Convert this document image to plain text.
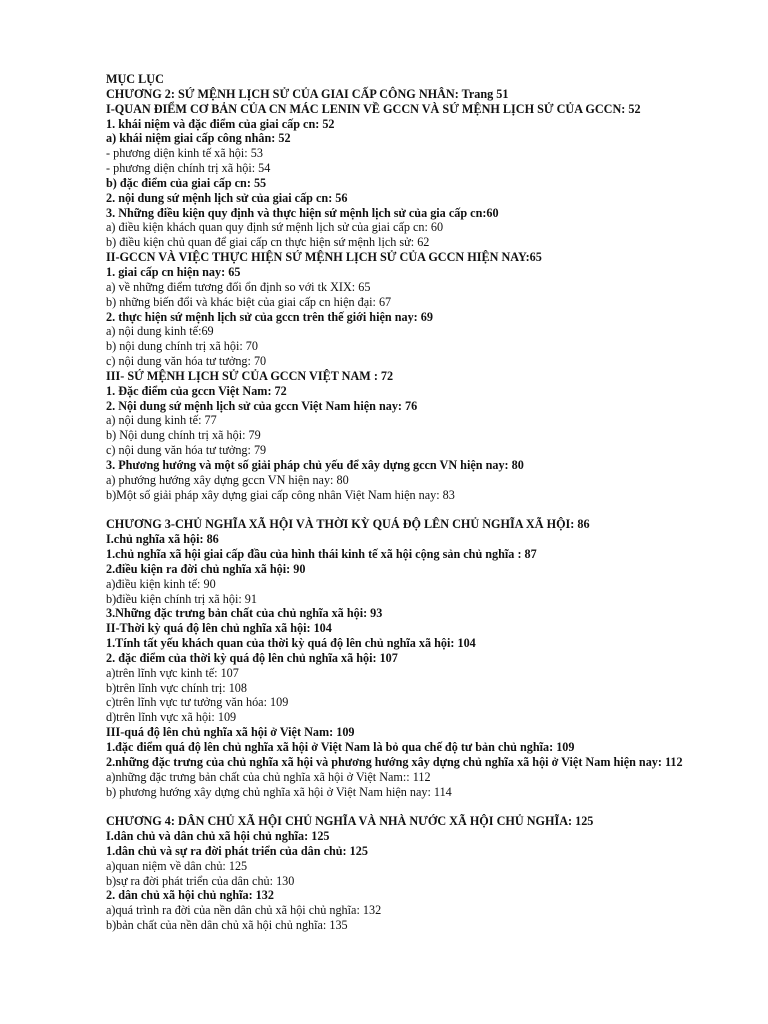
MỤC LỤC
CHƯƠNG 2: SỨ MỆNH LỊCH SỬ CỦA GIAI CẤP CÔNG NHÂN: Trang 51
I-QUAN ĐIỂM CƠ BẢN CỦA CN MÁC LENIN VỀ GCCN VÀ SỨ MỆNH LỊCH SỬ CỦA GCCN: 52
1. khái niệm và đặc điểm của giai cấp cn: 52
a) khái niệm giai cấp công nhân: 52
- phương diện kinh tế xã hội: 53
- phương diện chính trị xã hội: 54
b) đặc điểm của giai cấp cn: 55
2. nội dung sứ mệnh lịch sử của giai cấp cn: 56
3. Những điều kiện quy định và thực hiện sứ mệnh lịch sử của gia cấp cn:60
a) điều kiện khách quan quy định sứ mệnh lịch sử của giai cấp cn: 60
b) điều kiện chủ quan để giai cấp cn thực hiện sứ mệnh lịch sử: 62
II-GCCN VÀ VIỆC THỰC HIỆN SỨ MỆNH LỊCH SỬ CỦA GCCN HIỆN NAY:65
1. giai cấp cn hiện nay: 65
a) về những điểm tương đối ổn định so với tk XIX: 65
b) những biến đổi và khác biệt của giai cấp cn hiện đại: 67
2. thực hiện sứ mệnh lịch sử của gccn trên thế giới hiện nay: 69
a) nội dung kinh tế:69
b) nội dung chính trị xã hội: 70
c) nội dung văn hóa tư tưởng: 70
III- SỨ MỆNH LỊCH SỬ CỦA GCCN VIỆT NAM : 72
1. Đặc điểm của gccn Việt Nam: 72
2. Nội dung sứ mệnh lịch sử của gccn Việt Nam hiện nay: 76
a) nội dung kinh tế: 77
b) Nội dung chính trị xã hội: 79
c) nội dung văn hóa tư tưởng: 79
3. Phương hướng và một số giải pháp chủ yếu để xây dựng gccn VN hiện nay: 80
a) phướng hướng xây dựng gccn VN hiện nay: 80
b)Một số giải pháp xây dựng giai cấp công nhân Việt Nam hiện nay: 83
CHƯƠNG 3-CHỦ NGHĨA XÃ HỘI VÀ THỜI KỲ QUÁ ĐỘ LÊN CHỦ NGHĨA XÃ HỘI: 86
I.chủ nghĩa xã hội: 86
1.chủ nghĩa xã hội giai cấp đầu của hình thái kinh tế xã hội cộng sản chủ nghĩa : 87
2.điều kiện ra đời chủ nghĩa xã hội: 90
a)điều kiện kinh tế: 90
b)điều kiện chính trị xã hội: 91
3.Những đặc trưng bản chất của chủ nghĩa xã hội: 93
II-Thời kỳ quá độ lên chủ nghĩa xã hội: 104
1.Tính tất yếu khách quan của thời kỳ quá độ lên chủ nghĩa xã hội: 104
2. đặc điểm của thời kỳ quá độ lên chủ nghĩa xã hội: 107
a)trên lĩnh vực kinh tế: 107
b)trên lĩnh vực chính trị: 108
c)trên lĩnh vực tư tưởng văn hóa: 109
d)trên lĩnh vực xã hội: 109
III-quá độ lên chủ nghĩa xã hội ở Việt Nam: 109
1.đặc điểm quá độ lên chủ nghĩa xã hội ở Việt Nam là bỏ qua chế độ tư bản chủ nghĩa: 109
2.những đặc trưng của chủ nghĩa xã hội và phương hướng xây dựng chủ nghĩa xã hội ở Việt Nam hiện nay: 112
a)những đặc trưng bản chất của chủ nghĩa xã hội ở Việt Nam:: 112
b) phương hướng xây dựng chủ nghĩa xã hội ở Việt Nam hiện nay: 114
CHƯƠNG 4: DÂN CHỦ XÃ HỘI CHỦ NGHĨA VÀ NHÀ NƯỚC XÃ HỘI CHỦ NGHĨA: 125
I.dân chủ và dân chủ xã hội chủ nghĩa: 125
1.dân chủ và sự ra đời phát triển của dân chủ: 125
a)quan niệm về dân chủ: 125
b)sự ra đời phát triển của dân chủ: 130
2. dân chủ xã hội chủ nghĩa: 132
a)quá trình ra đời của nền dân chủ xã hội chủ nghĩa: 132
b)bản chất của nền dân chủ xã hội chủ nghĩa: 135
